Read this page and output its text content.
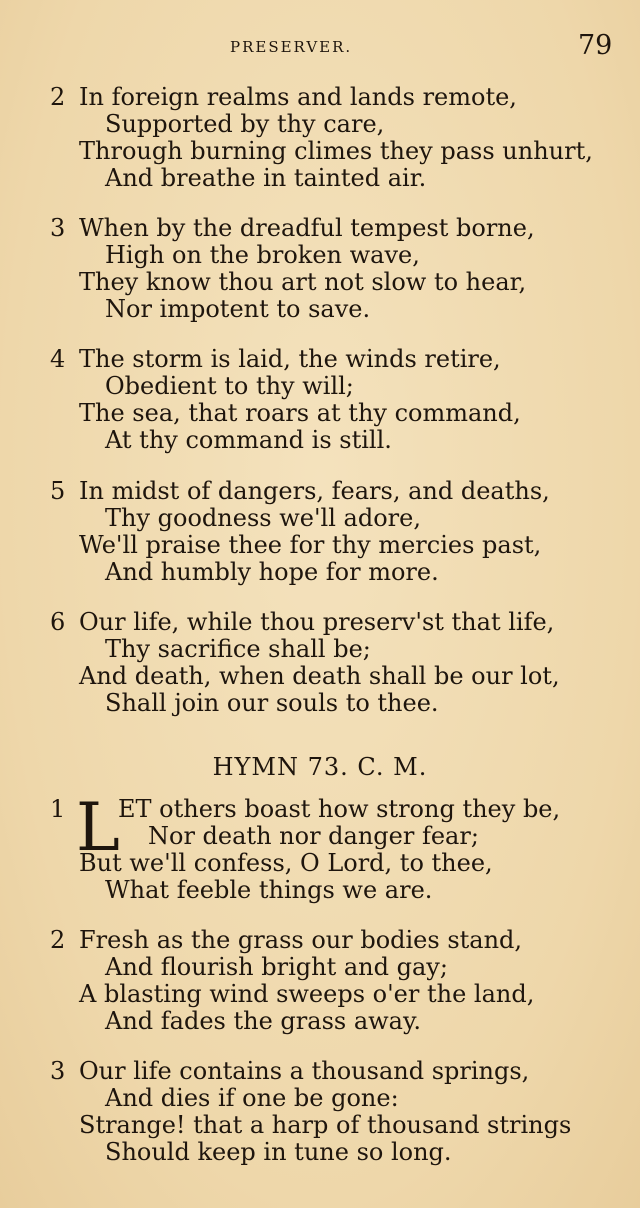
PRESERVER.	79
2 In foreign realms and lands remote,
Supported by thy care,
Through burning climes they pass unhurt,
And breathe in tainted air.
3 When by the dreadful tempest borne,
High on the broken wave,
They know thou art not slow to hear,
Nor impotent to save.
4 The storm is laid, the winds retire,
Obedient to thy will;
The sea, that roars at thy command,
At thy command is still.
5 In midst of dangers, fears, and deaths,
Thy goodness we'll adore,
We'll praise thee for thy mercies past,
And humbly hope for more.
6 Our life, while thou preserv'st that life,
Thy sacrifice shall be;
And death, when death shall be our lot,
Shall join our souls to thee.
HYMN 73. C. M.
1 L
ET others boast how strong they be,
Nor death nor danger fear;
But we'll confess, O Lord, to thee,
What feeble things we are.
2 Fresh as the grass our bodies stand,
And flourish bright and gay;
A blasting wind sweeps o'er the land,
And fades the grass away.
3 Our life contains a thousand springs,
And dies if one be gone:
Strange! that a harp of thousand strings
Should keep in tune so long.
